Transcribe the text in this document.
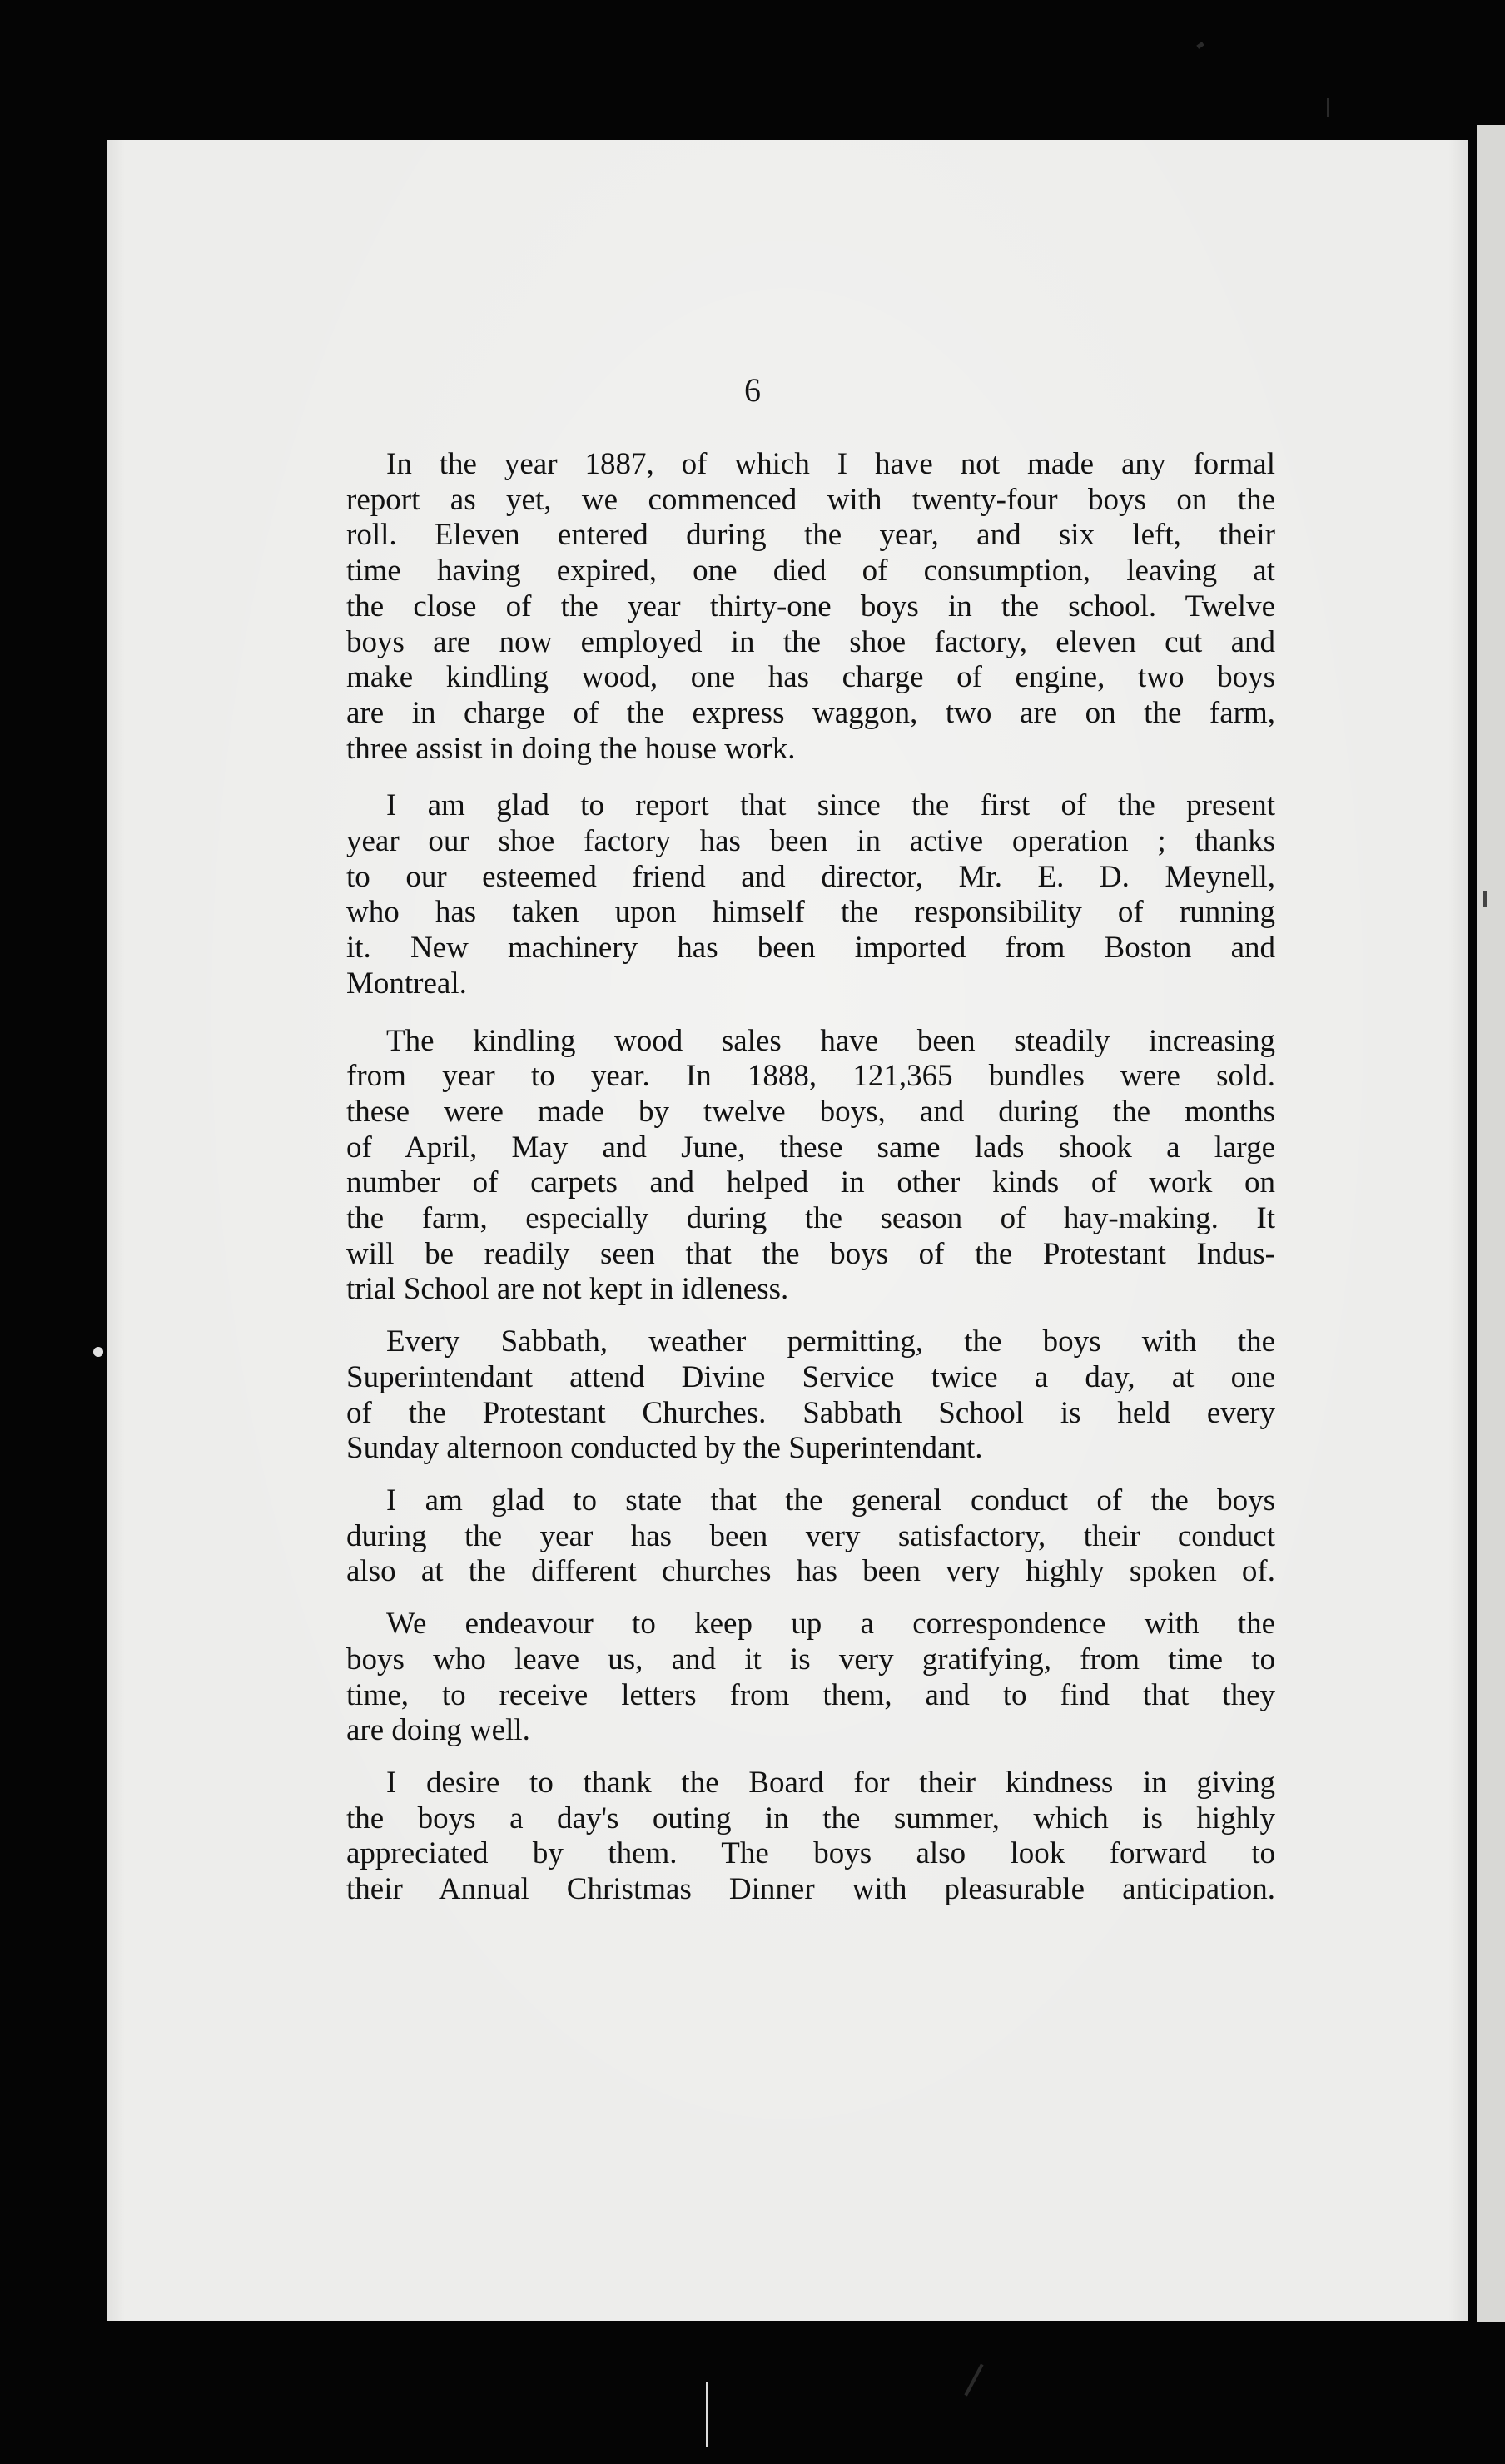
6

In the year 1887, of which I have not made any formal
report as yet, we commenced with twenty-four boys on the
roll. Eleven entered during the year, and six left, their
time having expired, one died of consumption, leaving at
the close of the year thirty-one boys in the school. Twelve
boys are now employed in the shoe factory, eleven cut and
make kindling wood, one has charge of engine, two boys
are in charge of the express waggon, two are on the farm,
three assist in doing the house work.

I am glad to report that since the first of the present
year our shoe factory has been in active operation ; thanks
to our esteemed friend and director, Mr. E. D. Meynell,
who has taken upon himself the responsibility of running
it. New machinery has been imported from Boston and
Montreal.

The kindling wood sales have been steadily increasing
from year to year. In 1888, 121,365 bundles were sold.
these were made by twelve boys, and during the months
of April, May and June, these same lads shook a large
number of carpets and helped in other kinds of work on
the farm, especially during the season of hay-making. It
will be readily seen that the boys of the Protestant Indus-
trial School are not kept in idleness.

Every Sabbath, weather permitting, the boys with the
Superintendant attend Divine Service twice a day, at one
of the Protestant Churches. Sabbath School is held every
Sunday alternoon conducted by the Superintendant.

I am glad to state that the general conduct of the boys
during the year has been very satisfactory, their conduct
also at the different churches has been very highly spoken of.

We endeavour to keep up a correspondence with the
boys who leave us, and it is very gratifying, from time to
time, to receive letters from them, and to find that they
are doing well.

I desire to thank the Board for their kindness in giving
the boys a day's outing in the summer, which is highly
appreciated by them. The boys also look forward to
their Annual Christmas Dinner with pleasurable anticipation.
